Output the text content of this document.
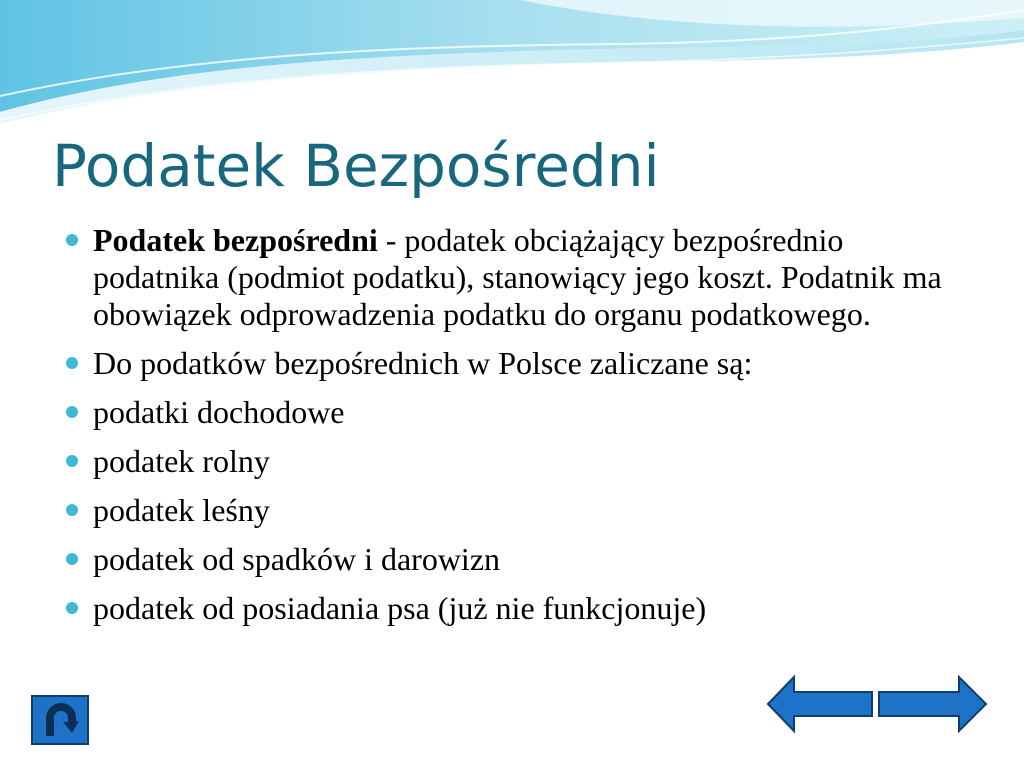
Podatek Bezpośredni
Podatek bezpośredni - podatek obciążający bezpośrednio podatnika (podmiot podatku), stanowiący jego koszt. Podatnik ma obowiązek odprowadzenia podatku do organu podatkowego.
Do podatków bezpośrednich w Polsce zaliczane są:
podatki dochodowe
podatek rolny
podatek leśny
podatek od spadków i darowizn
podatek od posiadania psa (już nie funkcjonuje)
